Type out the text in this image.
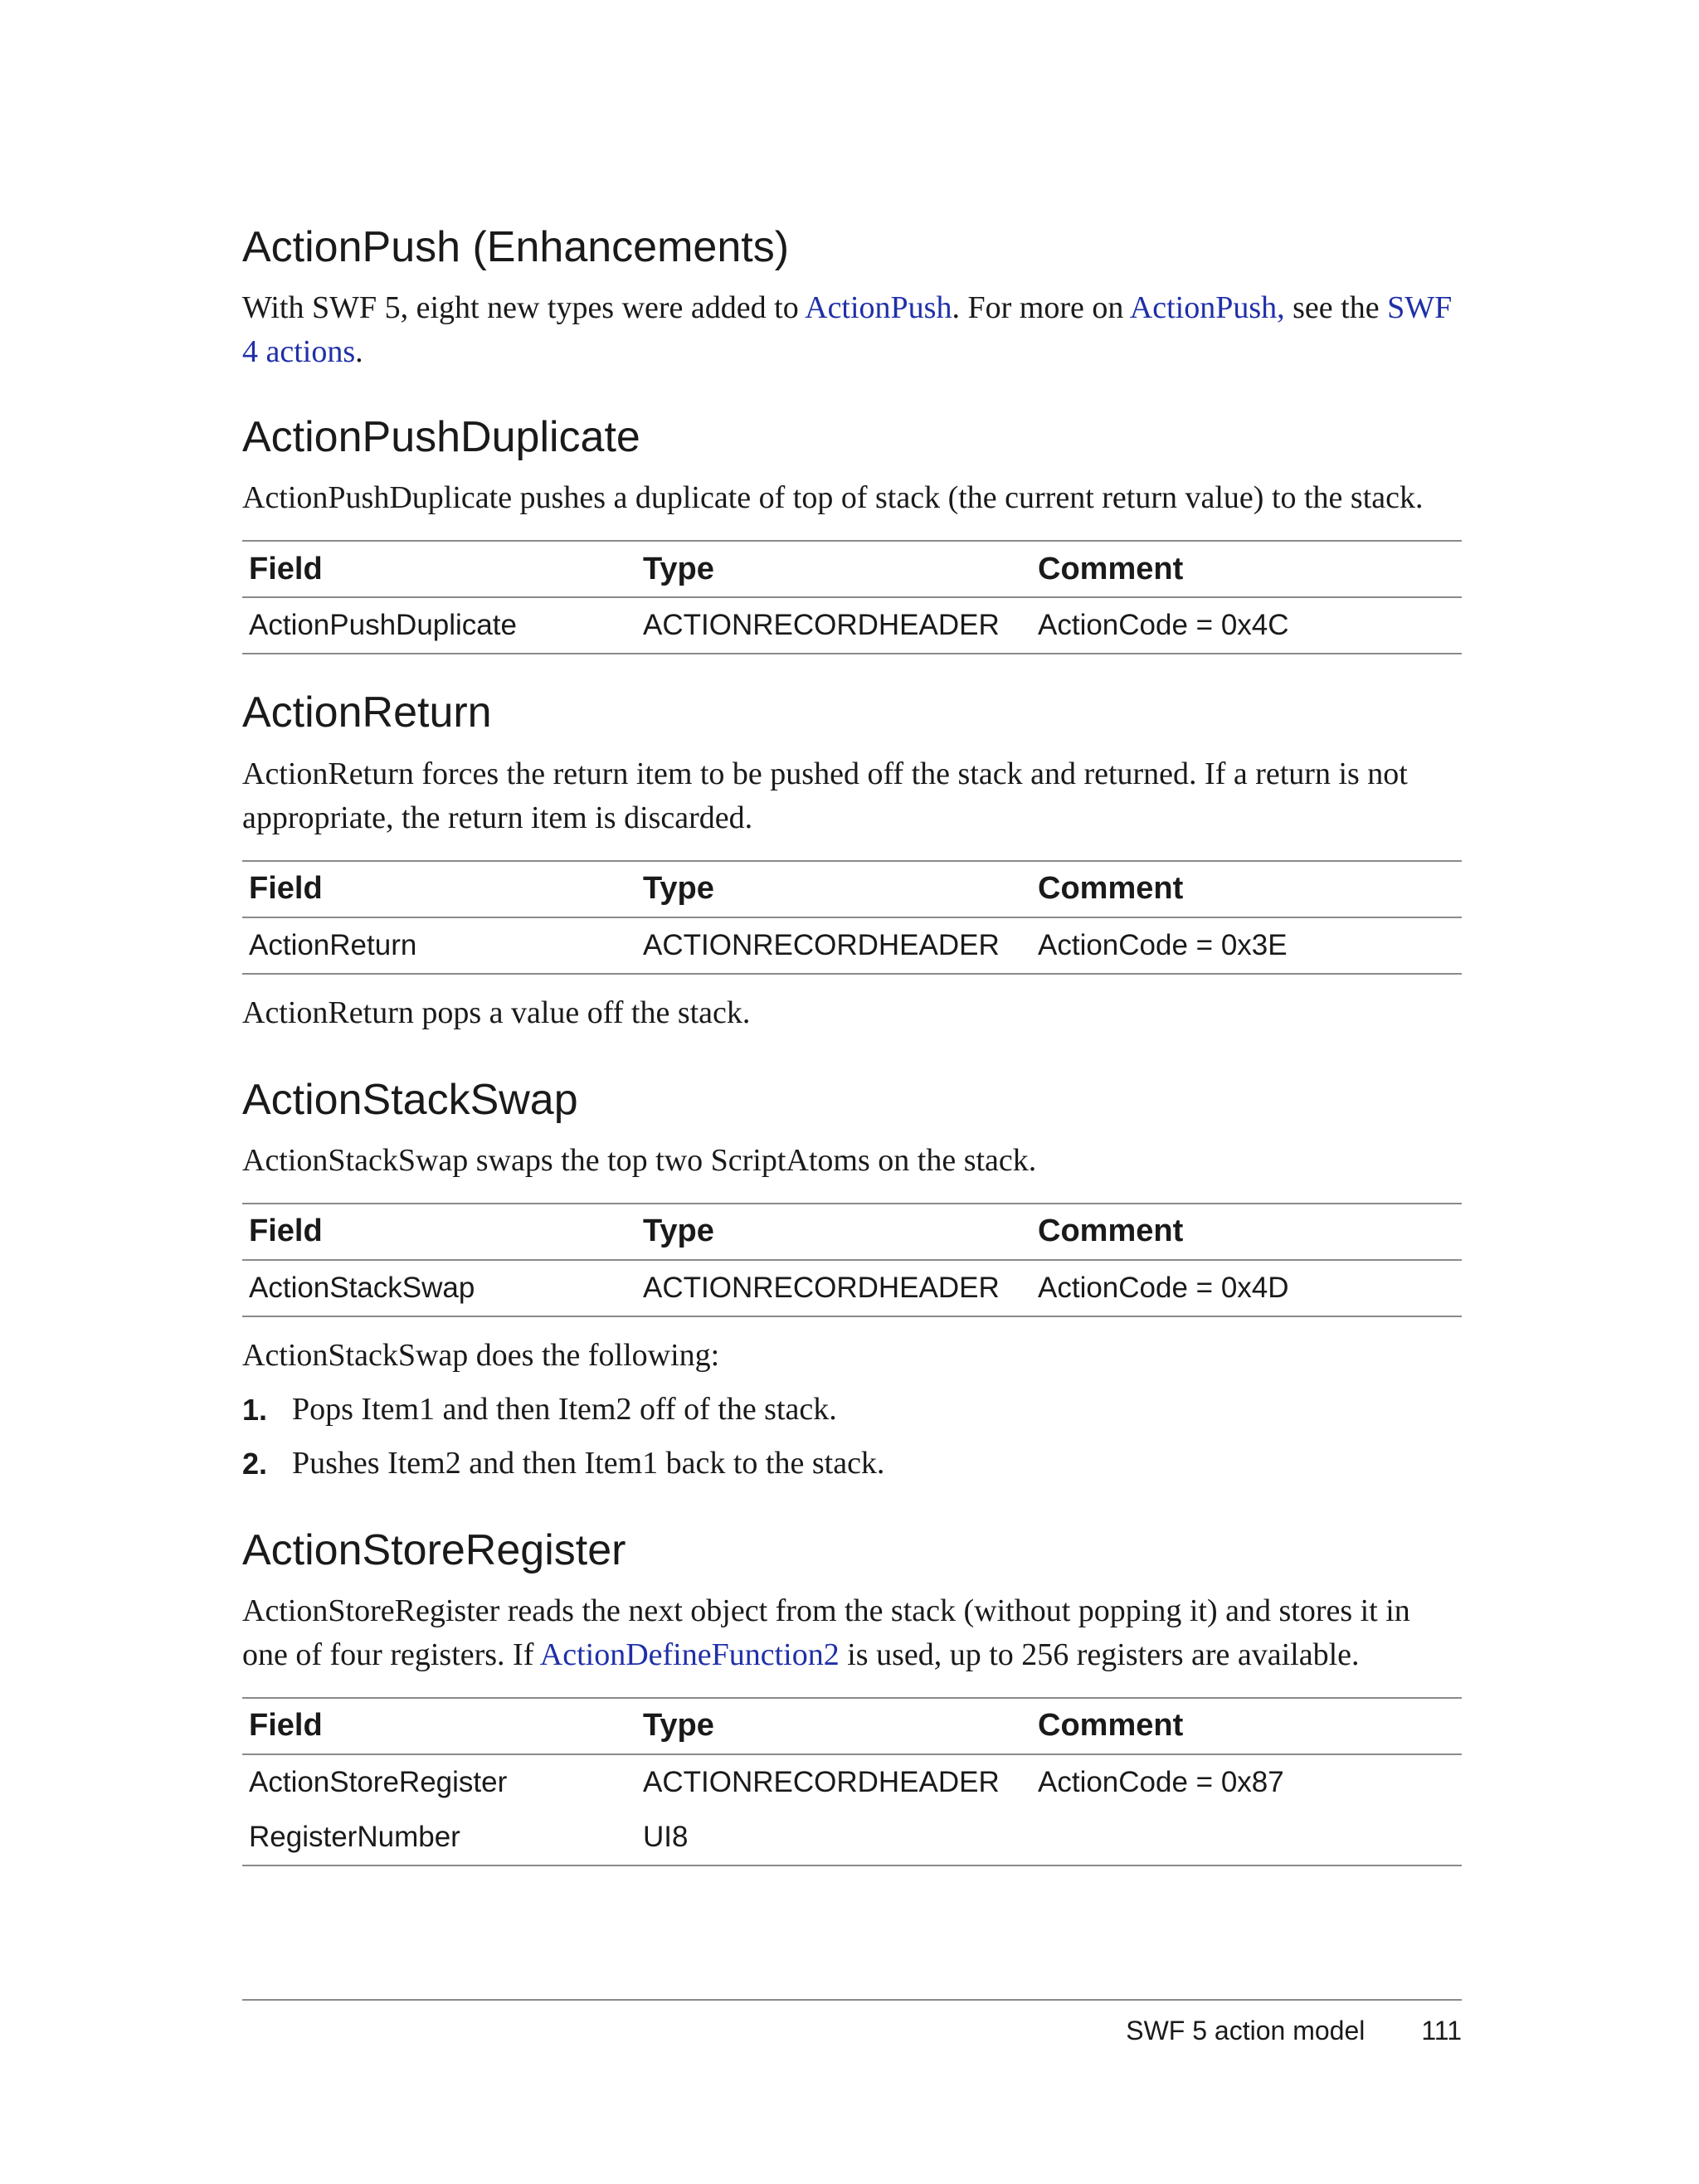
ActionPush (Enhancements)

With SWF 5, eight new types were added to ActionPush. For more on ActionPush, see the SWF 4 actions.

ActionPushDuplicate

ActionPushDuplicate pushes a duplicate of top of stack (the current return value) to the stack.

Field	Type	Comment
ActionPushDuplicate	ACTIONRECORDHEADER	ActionCode = 0x4C
ActionReturn

ActionReturn forces the return item to be pushed off the stack and returned. If a return is not appropriate, the return item is discarded.

Field	Type	Comment
ActionReturn	ACTIONRECORDHEADER	ActionCode = 0x3E

ActionReturn pops a value off the stack.

ActionStackSwap

ActionStackSwap swaps the top two ScriptAtoms on the stack.

Field	Type	Comment
ActionStackSwap	ACTIONRECORDHEADER	ActionCode = 0x4D

ActionStackSwap does the following:

1. Pops Item1 and then Item2 off of the stack.
2. Pushes Item2 and then Item1 back to the stack.
ActionStoreRegister

ActionStoreRegister reads the next object from the stack (without popping it) and stores it in one of four registers. If ActionDefineFunction2 is used, up to 256 registers are available.

Field	Type	Comment
ActionStoreRegister	ACTIONRECORDHEADER	ActionCode = 0x87
RegisterNumber	UI8	
SWF 5 action model 111
